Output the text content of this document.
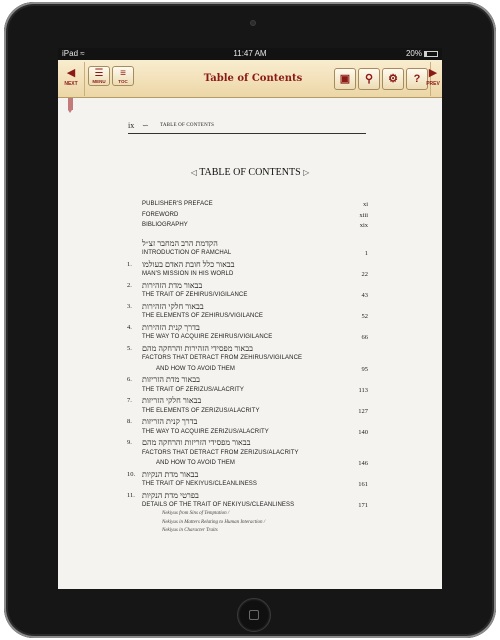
iPad ≈	11:47 AM	20%
◀
NEXT
☰
MENU
≡
TOC	Table of Contents	▣	⚲	⚙	? ▶
PREV
ix ∽ TABLE OF CONTENTS
◁ TABLE OF CONTENTS ▷
PUBLISHER'S PREFACE	xi
FOREWORD	xiii
BIBLIOGRAPHY	xix
הקדמת הרב המחבר זצ״ל
INTRODUCTION OF RAMCHAL	1
1. בבאור כלל חובת האדם בעולמו
MAN'S MISSION IN HIS WORLD	22
2. בבאור מדת הזהירות
THE TRAIT OF ZEHIRUS/VIGILANCE	43
3. בבאור חלקי הזהירות
THE ELEMENTS OF ZEHIRUS/VIGILANCE	52
4. בדרך קנית הזהירות
THE WAY TO ACQUIRE ZEHIRUS/VIGILANCE	66
5. בבאור מפסידי הזהירות והרחקה מהם
FACTORS THAT DETRACT FROM ZEHIRUS/VIGILANCE
AND HOW TO AVOID THEM	95
6. בבאור מדת הזריזות
THE TRAIT OF ZERIZUS/ALACRITY	113
7. בבאור חלקי הזריזות
THE ELEMENTS OF ZERIZUS/ALACRITY	127
8. בדרך קנית הזריזות
THE WAY TO ACQUIRE ZERIZUS/ALACRITY	140
9. בבאור מפסידי הזריזות והרחקה מהם
FACTORS THAT DETRACT FROM ZERIZUS/ALACRITY
AND HOW TO AVOID THEM	146
10. בבאור מדת הנקיות
THE TRAIT OF NEKIYUS/CLEANLINESS	161
11. בפרטי מדת הנקיות
DETAILS OF THE TRAIT OF NEKIYUS/CLEANLINESS	171
Nekiyus from Sins of Temptation /
Nekiyus in Matters Relating to Human Interaction /
Nekiyus in Character Traits
